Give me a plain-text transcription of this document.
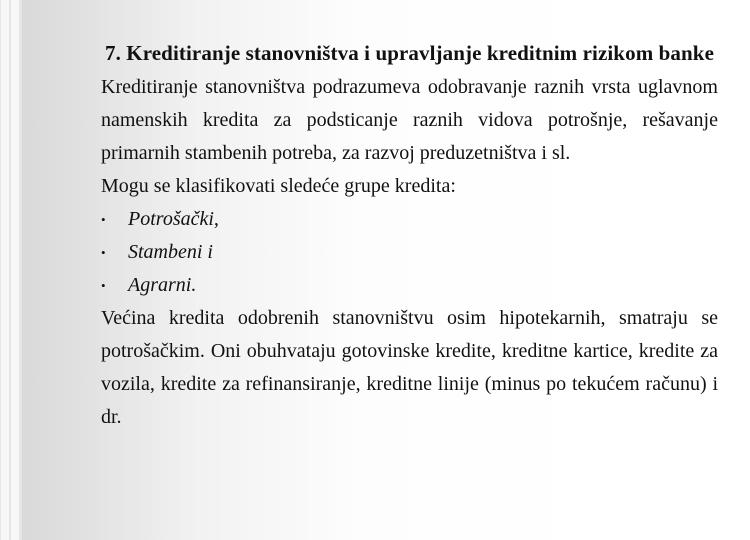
7. Kreditiranje stanovništva i upravljanje kreditnim rizikom banke

Kreditiranje stanovništva podrazumeva odobravanje raznih vrsta uglavnom namenskih kredita za podsticanje raznih vidova potrošnje, rešavanje primarnih stambenih potreba, za razvoj preduzetništva i sl.

Mogu se klasifikovati sledeće grupe kredita:

• Potrošački,
• Stambeni i
• Agrarni.

Većina kredita odobrenih stanovništvu osim hipotekarnih, smatraju se potrošačkim. Oni obuhvataju gotovinske kredite, kreditne kartice, kredite za vozila, kredite za refinansiranje, kreditne linije (minus po tekućem računu) i dr.
